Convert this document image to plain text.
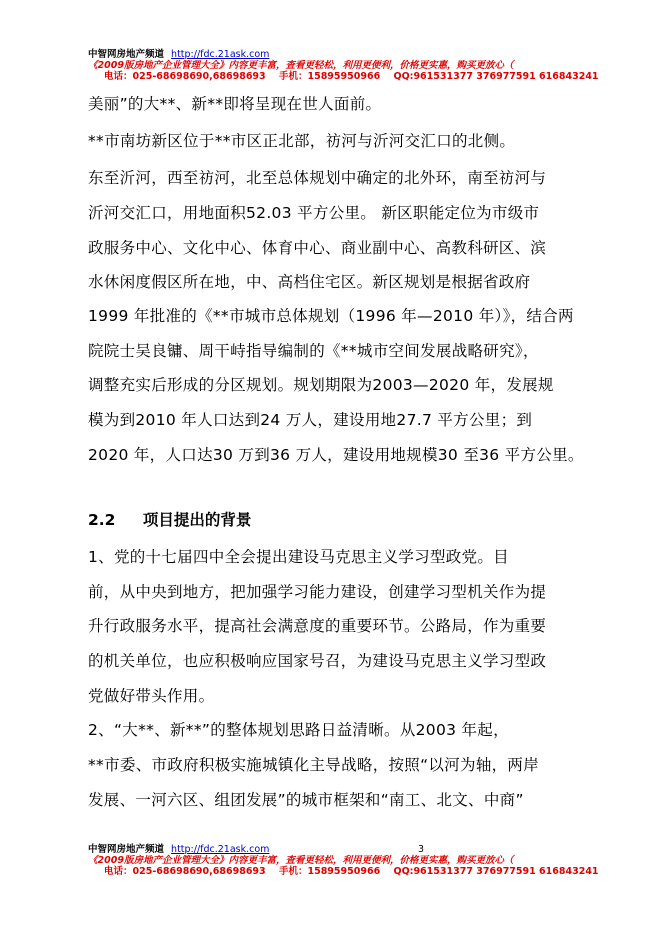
中智网房地产频道 http://fdc.21ask.com
《2009版房地产企业管理大全》内容更丰富，查看更轻松，利用更便利，价格更实惠，购买更放心（
电话：025-68698690,68698693 手机：15895950966 QQ:961531377 376977591 616843241
美丽”的大**、新**即将呈现在世人面前。
**市南坊新区位于**市区正北部，祊河与沂河交汇口的北侧。
东至沂河，西至祊河，北至总体规划中确定的北外环，南至祊河与
沂河交汇口，用地面积52.03 平方公里。 新区职能定位为市级市
政服务中心、文化中心、体育中心、商业副中心、高教科研区、滨
水休闲度假区所在地，中、高档住宅区。新区规划是根据省政府
1999 年批准的《**市城市总体规划（1996 年—2010 年）》，结合两
院院士吴良镛、周干峙指导编制的《**城市空间发展战略研究》，
调整充实后形成的分区规划。规划期限为2003—2020 年，发展规
模为到2010 年人口达到24 万人，建设用地27.7 平方公里；到
2020 年，人口达30 万到36 万人，建设用地规模30 至36 平方公里。
2.2 项目提出的背景
1、党的十七届四中全会提出建设马克思主义学习型政党。目
前，从中央到地方，把加强学习能力建设，创建学习型机关作为提
升行政服务水平，提高社会满意度的重要环节。公路局，作为重要
的机关单位，也应积极响应国家号召，为建设马克思主义学习型政
党做好带头作用。
2、“大**、新**”的整体规划思路日益清晰。从2003 年起，
**市委、市政府积极实施城镇化主导战略，按照“以河为轴，两岸
发展、一河六区、组团发展”的城市框架和“南工、北文、中商”
中智网房地产频道 http://fdc.21ask.com	3
《2009版房地产企业管理大全》内容更丰富，查看更轻松，利用更便利，价格更实惠，购买更放心（
电话：025-68698690,68698693 手机：15895950966 QQ:961531377 376977591 616843241
